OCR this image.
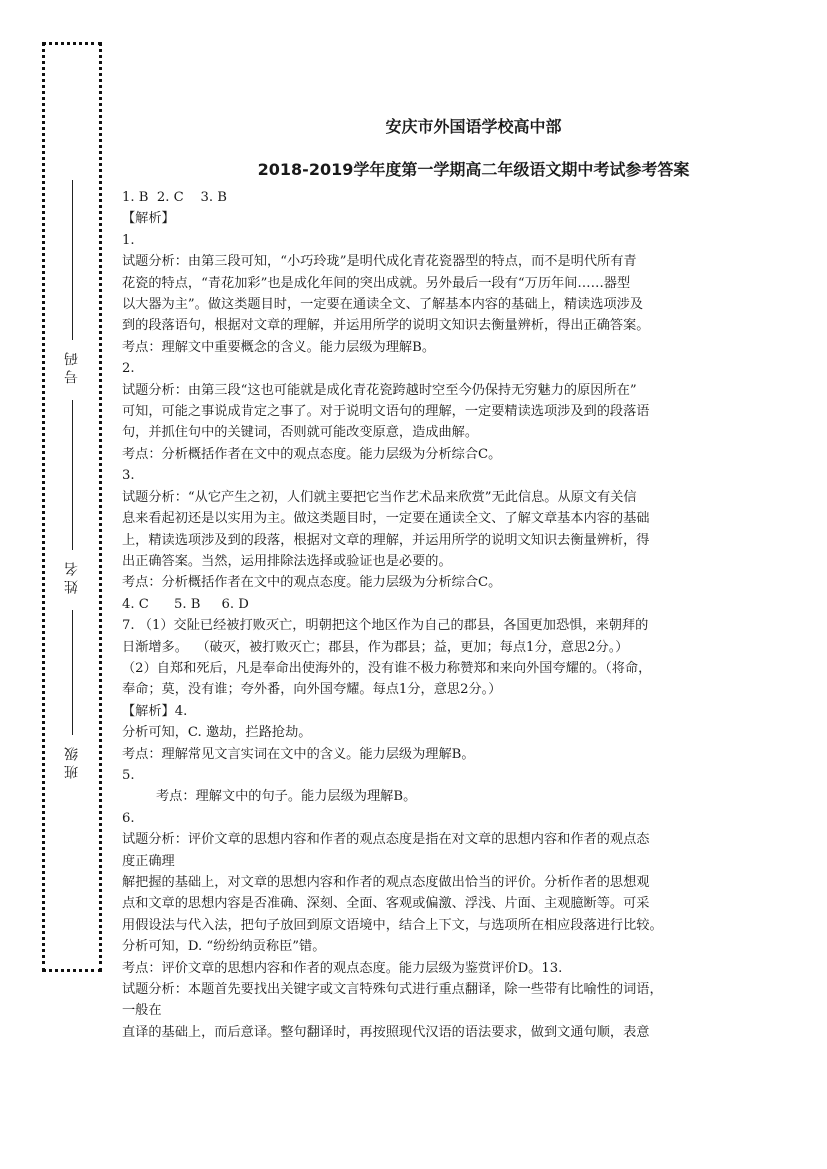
号码
姓名
班级
安庆市外国语学校高中部
2018-2019学年度第一学期高二年级语文期中考试参考答案

1. B  2. C    3. B

【解析】

1.

试题分析：由第三段可知，“小巧玲珑”是明代成化青花瓷器型的特点，而不是明代所有青

花瓷的特点，“青花加彩”也是成化年间的突出成就。另外最后一段有“万历年间……器型

以大器为主”。做这类题目时，一定要在通读全文、了解基本内容的基础上，精读选项涉及

到的段落语句，根据对文章的理解，并运用所学的说明文知识去衡量辨析，得出正确答案。

考点：理解文中重要概念的含义。能力层级为理解B。

2.

试题分析：由第三段“这也可能就是成化青花瓷跨越时空至今仍保持无穷魅力的原因所在”

可知，可能之事说成肯定之事了。对于说明文语句的理解，一定要精读选项涉及到的段落语

句，并抓住句中的关键词，否则就可能改变原意，造成曲解。

考点：分析概括作者在文中的观点态度。能力层级为分析综合C。

3.

试题分析：“从它产生之初，人们就主要把它当作艺术品来欣赏”无此信息。从原文有关信

息来看起初还是以实用为主。做这类题目时，一定要在通读全文、了解文章基本内容的基础

上，精读选项涉及到的段落，根据对文章的理解，并运用所学的说明文知识去衡量辨析，得

出正确答案。当然，运用排除法选择或验证也是必要的。

考点：分析概括作者在文中的观点态度。能力层级为分析综合C。

4. C      5. B     6. D

7. （1）交阯已经被打败灭亡，明朝把这个地区作为自己的郡县，各国更加恐惧，来朝拜的

日渐增多。  （破灭，被打败灭亡；郡县，作为郡县；益，更加；每点1分，意思2分。）

（2）自郑和死后，凡是奉命出使海外的，没有谁不极力称赞郑和来向外国夸耀的。（将命，

奉命；莫，没有谁；夸外番，向外国夸耀。每点1分，意思2分。）

【解析】4.

分析可知，C. 邀劫，拦路抢劫。

考点：理解常见文言实词在文中的含义。能力层级为理解B。

5.

考点：理解文中的句子。能力层级为理解B。

6.

试题分析：评价文章的思想内容和作者的观点态度是指在对文章的思想内容和作者的观点态

度正确理

解把握的基础上，对文章的思想内容和作者的观点态度做出恰当的评价。分析作者的思想观

点和文章的思想内容是否准确、深刻、全面、客观或偏激、浮浅、片面、主观臆断等。可采

用假设法与代入法，把句子放回到原文语境中，结合上下文，与选项所在相应段落进行比较。

分析可知，D. “纷纷纳贡称臣”错。

考点：评价文章的思想内容和作者的观点态度。能力层级为鉴赏评价D。13.

试题分析：本题首先要找出关键字或文言特殊句式进行重点翻译，除一些带有比喻性的词语，

一般在

直译的基础上，而后意译。整句翻译时，再按照现代汉语的语法要求，做到文通句顺，表意
